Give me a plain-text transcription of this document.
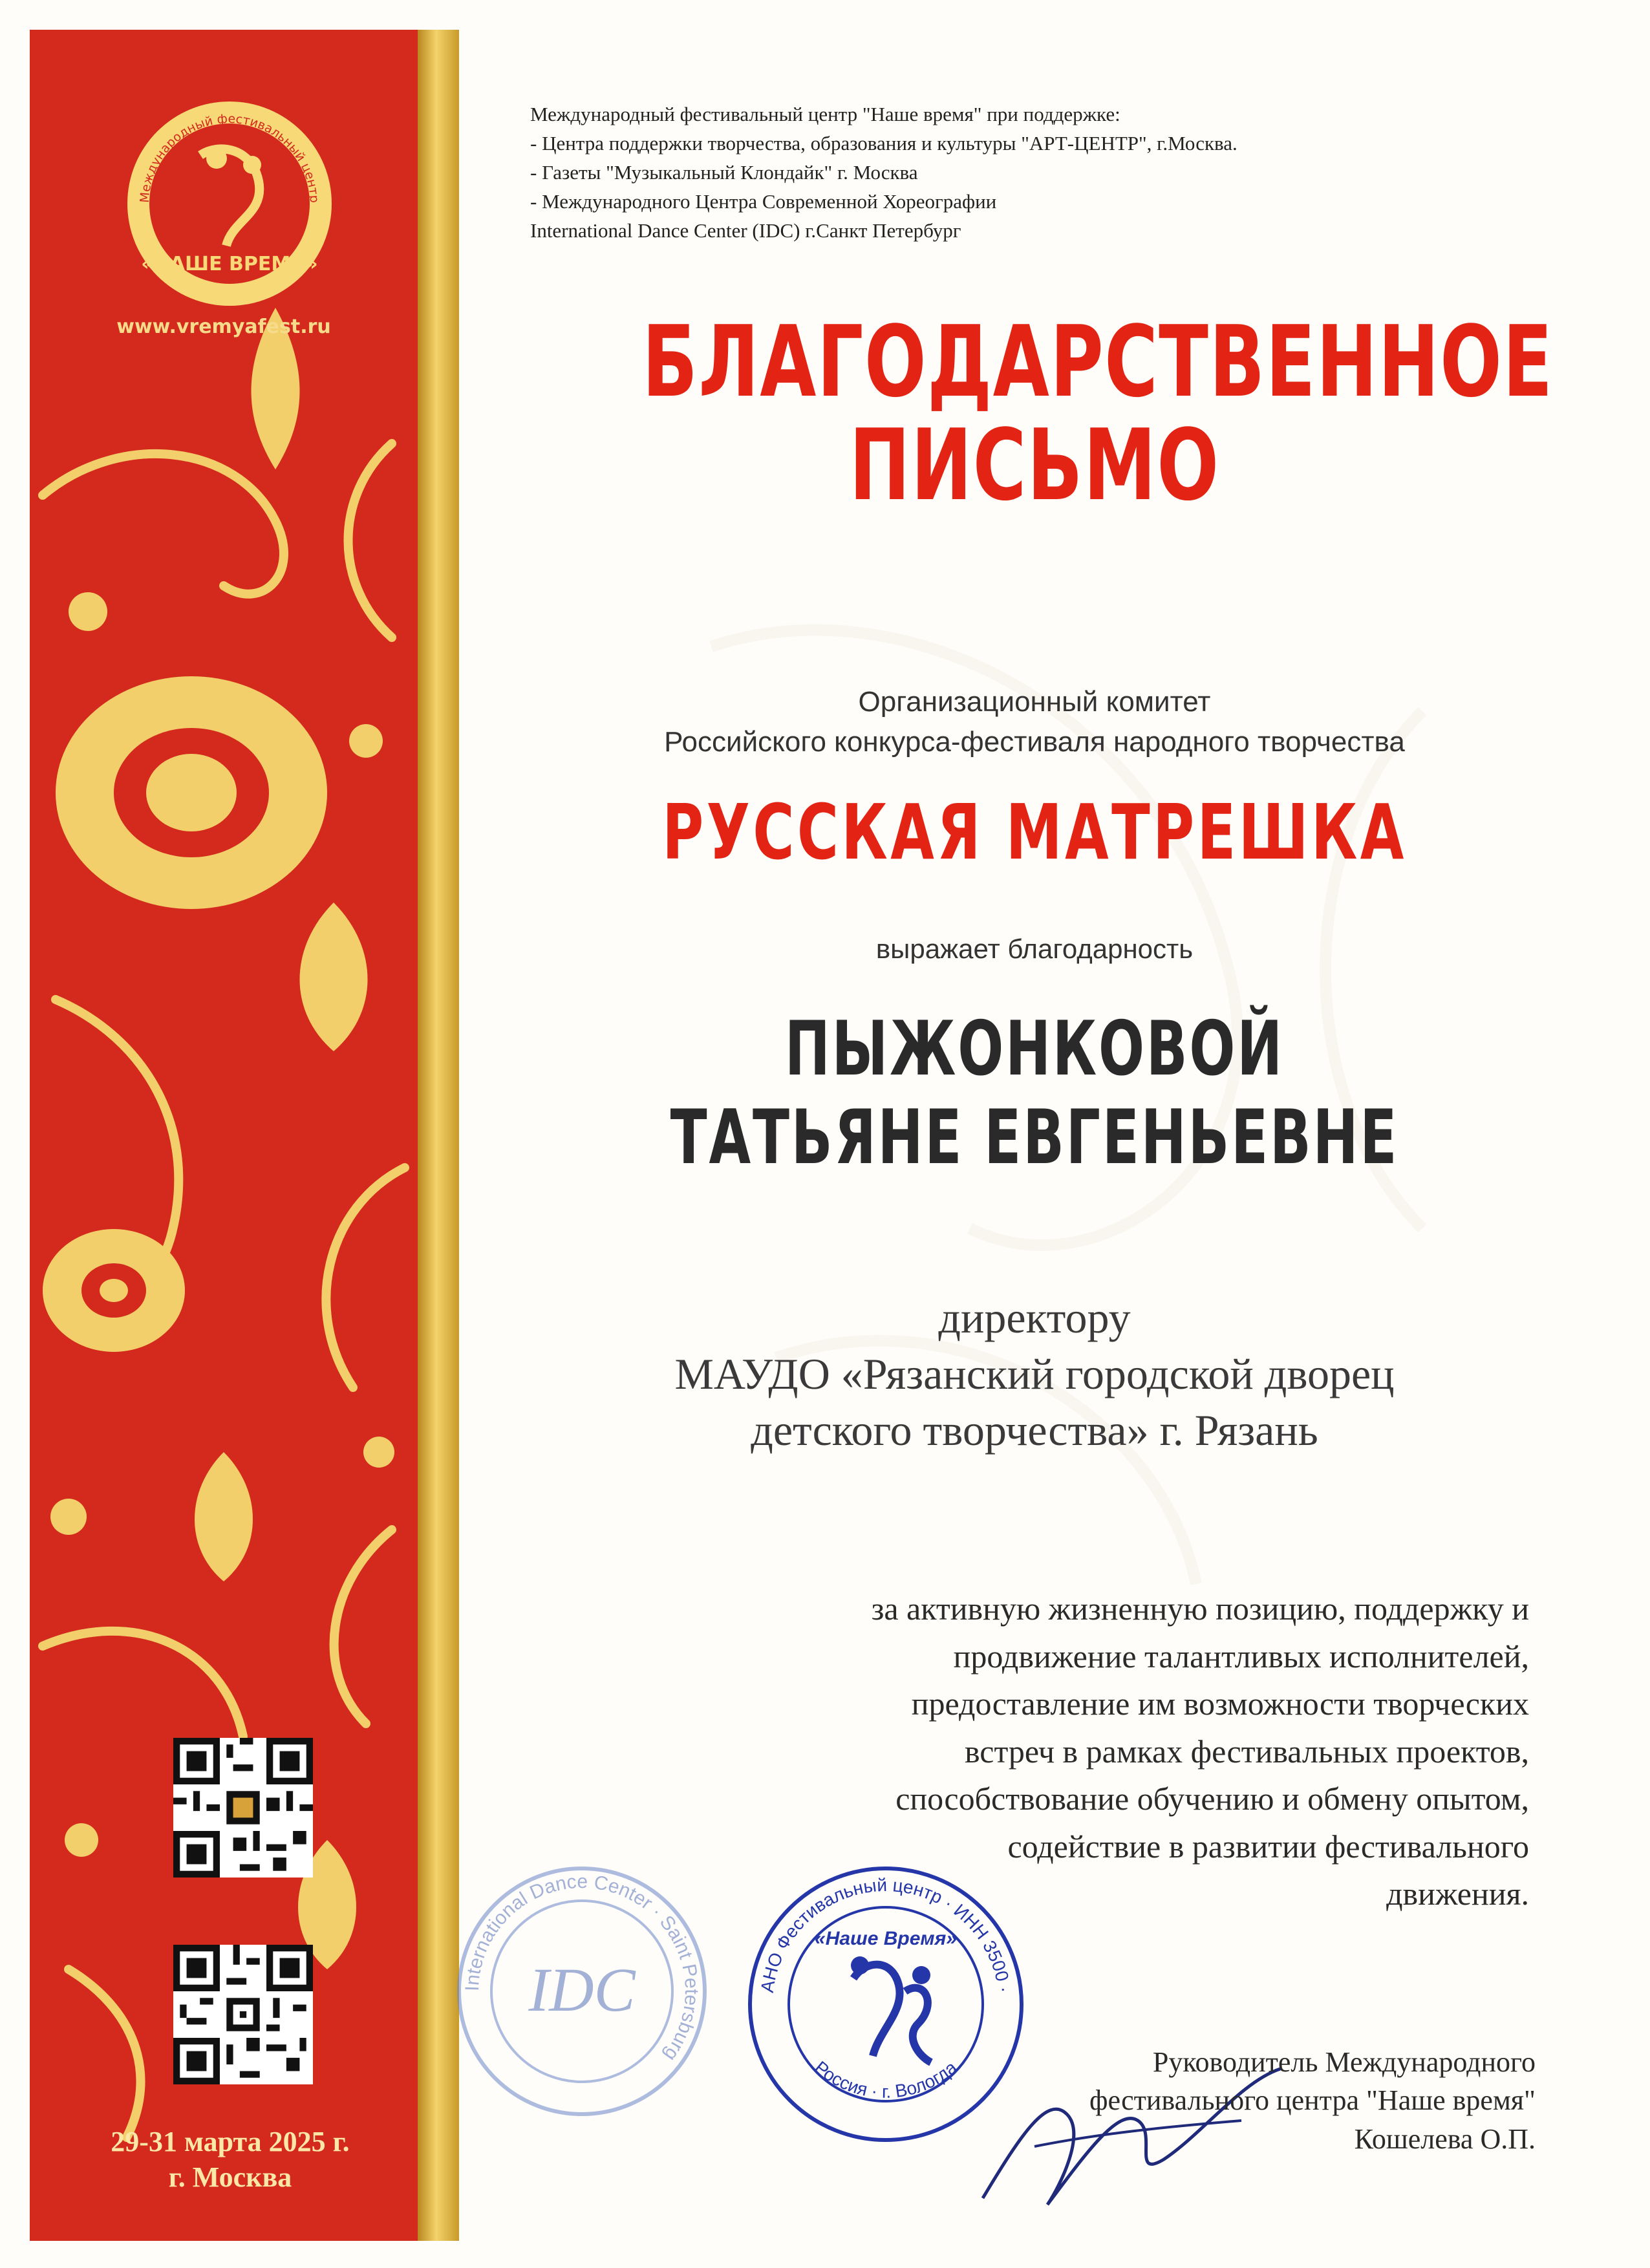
«НАШЕ ВРЕМЯ»
Международный фестивальный центр
www.vremyafest.ru
29-31 марта 2025 г.
г. Москва
Международный фестивальный центр "Наше время" при поддержке:
- Центра поддержки творчества, образования и культуры "АРТ-ЦЕНТР", г.Москва.
- Газеты "Музыкальный Клондайк" г. Москва
- Международного Центра Современной Хореографии
International Dance Center (IDC) г.Санкт Петербург
БЛАГОДАРСТВЕННОЕ
ПИСЬМО
Организационный комитет
Российского конкурса-фестиваля народного творчества
РУССКАЯ МАТРЕШКА
выражает благодарность
ПЫЖОНКОВОЙ
ТАТЬЯНЕ ЕВГЕНЬЕВНЕ
директору
МАУДО «Рязанский городской дворец
детского творчества» г. Рязань
за активную жизненную позицию, поддержку и
продвижение талантливых исполнителей,
предоставление им возможности творческих
встреч в рамках фестивальных проектов,
способствование обучению и обмену опытом,
содействие в развитии фестивального
движения.
International Dance Center · Saint Petersburg
IDC	АНО Фестивальный центр · ИНН 3500 ·
Россия · г. Вологда
«Наше Время»
Руководитель Международного
фестивального центра "Наше время"
Кошелева О.П.
